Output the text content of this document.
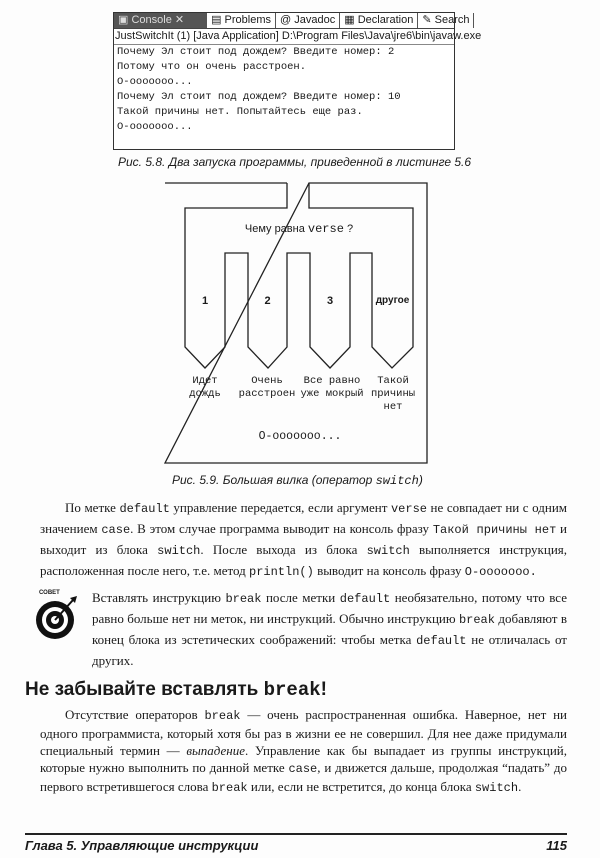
▣ Console ✕	▤ Problems @ Javadoc ▦ Declaration ✎ Search
JustSwitchIt (1) [Java Application] D:\Program Files\Java\jre6\bin\javaw.exe
Почему Эл стоит под дождем? Введите номер: 2
Потому что он очень расстроен.
О-ооооооо...
Почему Эл стоит под дождем? Введите номер: 10
Такой причины нет. Попытайтесь еще раз.
О-ооооооо...
Рис. 5.8. Два запуска программы, приведенной в листинге 5.6
Чему равна verse ?
1	2	3	другое
Идет
дождь
Очень
расстроен
Все равно
уже мокрый
Такой
причины
нет
О-ооооооо...
Рис. 5.9. Большая вилка (оператор switch)
По метке default управление передается, если аргумент verse не совпадает ни с одним значением case. В этом случае программа выводит на консоль фразу Такой причины нет и выходит из блока switch. После выхода из блока switch выполняется инструкция, расположенная после него, т.е. метод println() выводит на консоль фразу О-ооооооо.
СОВЕТ Вставлять инструкцию break после метки default необязательно, потому что все равно больше нет ни меток, ни инструкций. Обычно инструкцию break добавляют в конец блока из эстетических соображений: чтобы метка default не отличалась от других.
Не забывайте вставлять break!
Отсутствие операторов break — очень распространенная ошибка. Наверное, нет ни одного программиста, который хотя бы раз в жизни ее не совершил. Для нее даже придумали специальный термин — выпадение. Управление как бы выпадает из группы инструкций, которые нужно выполнить по данной метке case, и движется дальше, продолжая “падать” до первого встретившегося слова break или, если не встретится, до конца блока switch.
Глава 5. Управляющие инструкции	115
